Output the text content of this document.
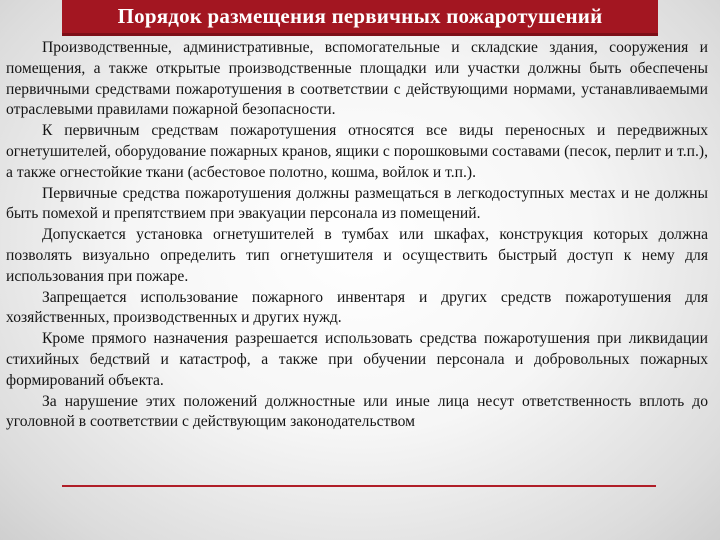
Порядок размещения первичных пожаротушений

Производственные, административные, вспомогательные и складские здания, сооружения и помещения, а также открытые производственные площадки или участки должны быть обеспечены первичными средствами пожаротушения в соответствии с действующими нормами, устанавливаемыми отраслевыми правилами пожарной безопасности.

К первичным средствам пожаротушения относятся все виды переносных и передвижных огнетушителей, оборудование пожарных кранов, ящики с порошковыми составами (песок, перлит и т.п.), а также огнестойкие ткани (асбестовое полотно, кошма, войлок и т.п.).

Первичные средства пожаротушения должны размещаться в легкодоступных местах и не должны быть помехой и препятствием при эвакуации персонала из помещений.

Допускается установка огнетушителей в тумбах или шкафах, конструкция которых должна позволять визуально определить тип огнетушителя и осуществить быстрый доступ к нему для использования при пожаре.

Запрещается использование пожарного инвентаря и других средств пожаротушения для хозяйственных, производственных и других нужд.

Кроме прямого назначения разрешается использовать средства пожаротушения при ликвидации стихийных бедствий и катастроф, а также при обучении персонала и добровольных пожарных формирований объекта.

За нарушение этих положений должностные или иные лица несут ответственность вплоть до уголовной в соответствии с действующим законодательством
